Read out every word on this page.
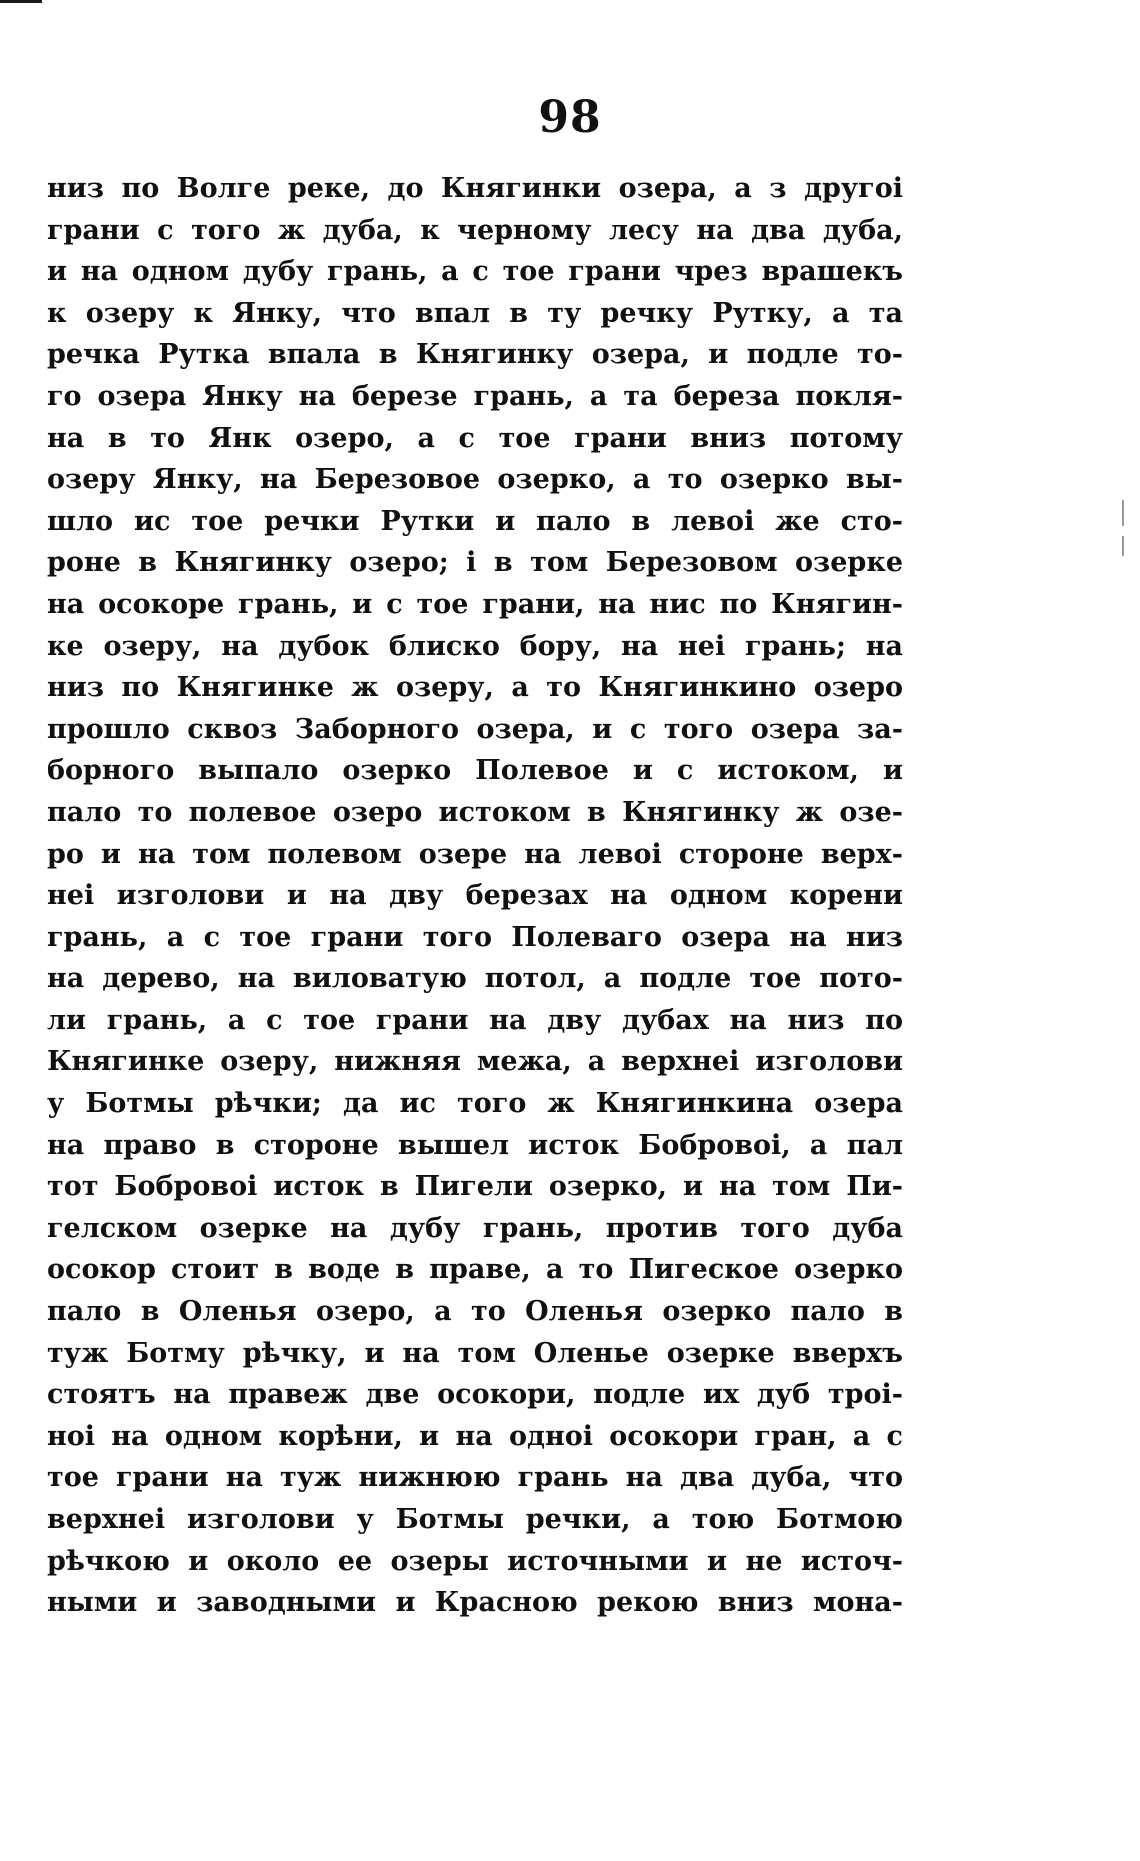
98
низ по Волге реке, до Княгинки озера, а з другоі
грани с того ж дуба, к черному лесу на два дуба,
и на одном дубу грань, а с тое грани чрез врашекъ
к озеру к Янку, что впал в ту речку Рутку, а та
речка Рутка впала в Княгинку озера, и подле то-
го озера Янку на березе грань, а та береза покля-
на в то Янк озеро, а с тое грани вниз потому
озеру Янку, на Березовое озерко, а то озерко вы-
шло ис тое речки Рутки и пало в левоі же сто-
роне в Княгинку озеро; і в том Березовом озерке
на осокоре грань, и с тое грани, на нис по Княгин-
ке озеру, на дубок блиско бору, на неі грань; на
низ по Княгинке ж озеру, а то Княгинкино озеро
прошло сквоз Заборного озера, и с того озера за-
борного выпало озерко Полевое и с истоком, и
пало то полевое озеро истоком в Княгинку ж озе-
ро и на том полевом озере на левоі стороне верх-
неі изголови и на дву березах на одном корени
грань, а с тое грани того Полеваго озера на низ
на дерево, на виловатую потол, а подле тое пото-
ли грань, а с тое грани на дву дубах на низ по
Княгинке озеру, нижняя межа, а верхнеі изголови
у Ботмы рѣчки; да ис того ж Княгинкина озера
на право в стороне вышел исток Бобровоі, а пал
тот Бобровоі исток в Пигели озерко, и на том Пи-
гелском озерке на дубу грань, против того дуба
осокор стоит в воде в праве, а то Пигеское озерко
пало в Оленья озеро, а то Оленья озерко пало в
туж Ботму рѣчку, и на том Оленье озерке вверхъ
стоятъ на правеж две осокори, подле их дуб троі-
ноі на одном корѣни, и на одноі осокори гран, а с
тое грани на туж нижнюю грань на два дуба, что
верхнеі изголови у Ботмы речки, а тою Ботмою
рѣчкою и около ее озеры источными и не источ-
ными и заводными и Красною рекою вниз мона-
